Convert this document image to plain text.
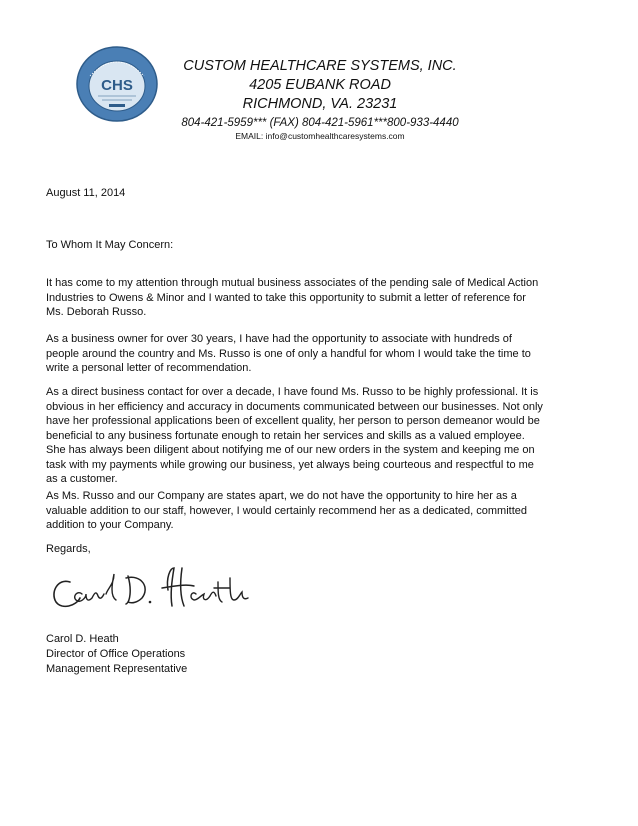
CHS
CUSTOM HEALTHCARE SYSTEMS, INC.
4205 EUBANK ROAD
RICHMOND, VA. 23231
804-421-5959*** (FAX) 804-421-5961***800-933-4440
EMAIL: info@customhealthcaresystems.com
August 11, 2014
To Whom It May Concern:
It has come to my attention through mutual business associates of the pending sale of Medical Action Industries to Owens & Minor and I wanted to take this opportunity to submit a letter of reference for Ms. Deborah Russo.
As a business owner for over 30 years, I have had the opportunity to associate with hundreds of people around the country and Ms. Russo is one of only a handful for whom I would take the time to write a personal letter of recommendation.
As a direct business contact for over a decade, I have found Ms. Russo to be highly professional. It is obvious in her efficiency and accuracy in documents communicated between our businesses. Not only have her professional applications been of excellent quality, her person to person demeanor would be beneficial to any business fortunate enough to retain her services and skills as a valued employee. She has always been diligent about notifying me of our new orders in the system and keeping me on task with my payments while growing our business, yet always being courteous and respectful to me as a customer.
As Ms. Russo and our Company are states apart, we do not have the opportunity to hire her as a valuable addition to our staff, however, I would certainly recommend her as a dedicated, committed addition to your Company.
Regards,
Carol D. Heath
Director of Office Operations
Management Representative
